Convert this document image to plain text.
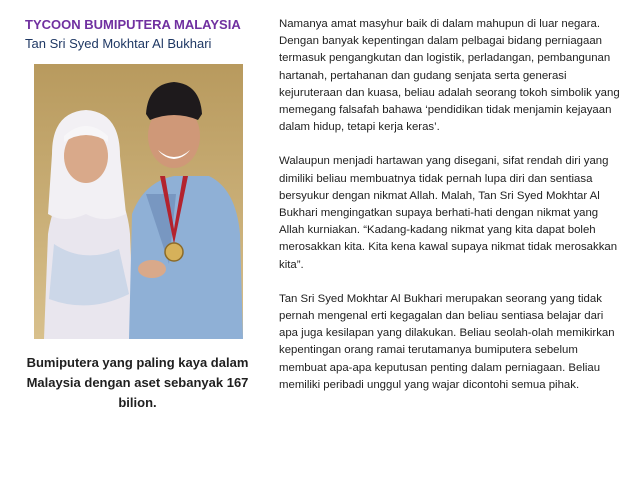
TYCOON BUMIPUTERA MALAYSIA
Tan Sri Syed Mokhtar Al Bukhari
Bumiputera yang paling kaya dalam Malaysia dengan aset sebanyak 167 bilion.

Namanya amat masyhur baik di dalam mahupun di luar negara. Dengan banyak kepentingan dalam pelbagai bidang perniagaan termasuk pengangkutan dan logistik, perladangan, pembangunan hartanah, pertahanan dan gudang senjata serta generasi kejuruteraan dan kuasa, beliau adalah seorang tokoh simbolik yang memegang falsafah bahawa ‘pendidikan tidak menjamin kejayaan dalam hidup, tetapi kerja keras’.

Walaupun menjadi hartawan yang disegani, sifat rendah diri yang dimiliki beliau membuatnya tidak pernah lupa diri dan sentiasa bersyukur dengan nikmat Allah. Malah, Tan Sri Syed Mokhtar Al Bukhari mengingatkan supaya berhati-hati dengan nikmat yang Allah kurniakan. “Kadang-kadang nikmat yang kita dapat boleh merosakkan kita. Kita kena kawal supaya nikmat tidak merosakkan kita”.

Tan Sri Syed Mokhtar Al Bukhari merupakan seorang yang tidak pernah mengenal erti kegagalan dan beliau sentiasa belajar dari apa juga kesilapan yang dilakukan. Beliau seolah-olah memikirkan kepentingan orang ramai terutamanya bumiputera sebelum membuat apa-apa keputusan penting dalam perniagaan. Beliau memiliki peribadi unggul yang wajar dicontohi semua pihak.
